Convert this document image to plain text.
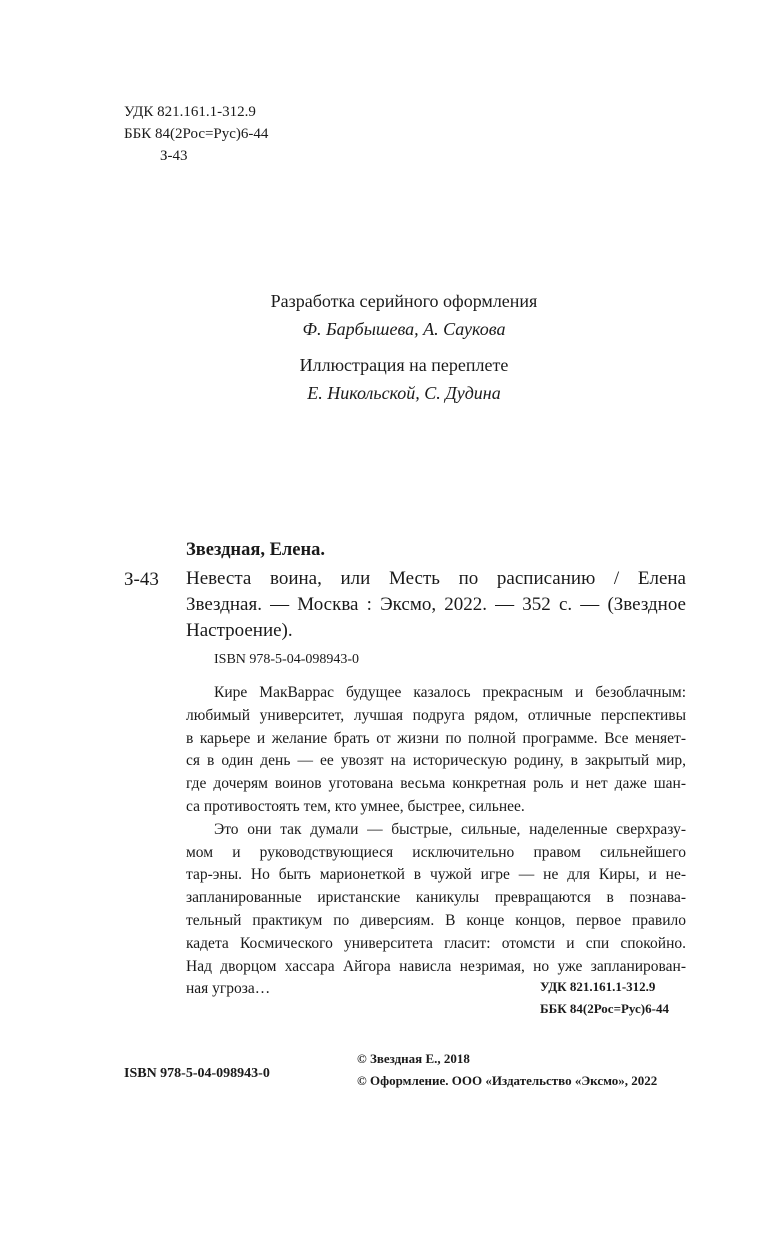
УДК 821.161.1-312.9
ББК 84(2Рос=Рус)6-44
З-43
Разработка серийного оформления
Ф. Барбышева, А. Саукова
Иллюстрация на переплете
Е. Никольской, С. Дудина
Звездная, Елена.
З-43 Невеста воина, или Месть по расписанию / Елена
Звездная. — Москва : Эксмо, 2022. — 352 с. — (Звездное
Настроение).
ISBN 978-5-04-098943-0
Кире МакВаррас будущее казалось прекрасным и безоблачным:
любимый университет, лучшая подруга рядом, отличные перспективы
в карьере и желание брать от жизни по полной программе. Все меняет-
ся в один день — ее увозят на историческую родину, в закрытый мир,
где дочерям воинов уготована весьма конкретная роль и нет даже шан-
са противостоять тем, кто умнее, быстрее, сильнее.
Это они так думали — быстрые, сильные, наделенные сверхразу-
мом и руководствующиеся исключительно правом сильнейшего
тар-эны. Но быть марионеткой в чужой игре — не для Киры, и не-
запланированные иристанские каникулы превращаются в познава-
тельный практикум по диверсиям. В конце концов, первое правило
кадета Космического университета гласит: отомсти и спи спокойно.
Над дворцом хассара Айгора нависла незримая, но уже запланирован-
ная угроза…	УДК 821.161.1-312.9
ББК 84(2Рос=Рус)6-44
ISBN 978-5-04-098943-0
© Звездная Е., 2018
© Оформление. ООО «Издательство «Эксмо», 2022
